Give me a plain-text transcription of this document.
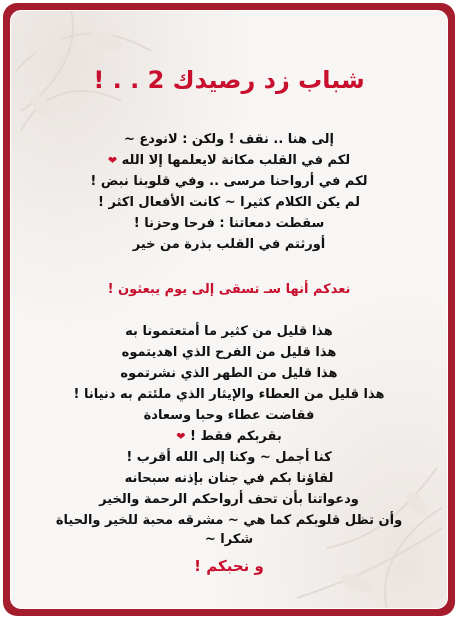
شباب زد رصيدك 2 . . !
إلى هنا .. نقف ! ولكن : لانودع ~
لكم في القلب مكانة لايعلمها إلا الله ❤
لكم في أرواحنا مرسى .. وفي قلوبنا نبض !
لم يكن الكلام كثيرا ~ كانت الأفعال اكثر !
سقطت دمعاتنا : فرحا وحزنا !
أورثتم في القلب بذرة من خير
نعدكم أنها سـ تسقى إلى يوم يبعثون !
هذا قليل من كثير ما أمتعتمونا به
هذا قليل من الفرح الذي اهديتموه
هذا قليل من الطهر الذي نشرتموه
هذا قليل من العطاء والإيثار الذي ملئتم به دنيانا !
فقاضت عطاء وحبا وسعادة
بقربكم فقط ! ❤
كنا أجمل ~ وكنا إلى الله أقرب !
لقاؤنا بكم في جنان بإذنه سبحانه
ودعواتنا بأن تحف أرواحكم الرحمة والخير
وأن تظل قلوبكم كما هي ~ مشرقه محبة للخير والحياة
شكرا ~
و نحبكم !
